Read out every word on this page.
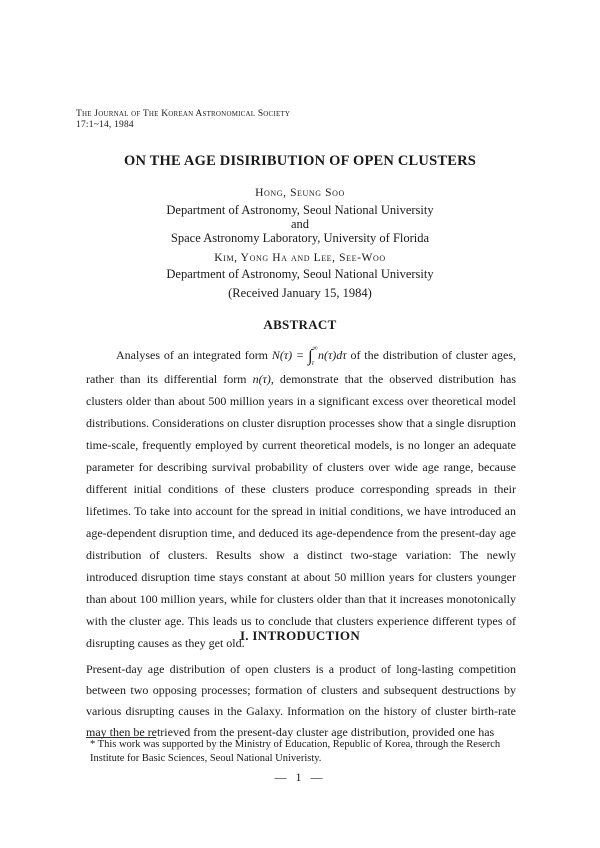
The Journal of The Korean Astronomical Society
17:1~14, 1984
ON THE AGE DISIRIBUTION OF OPEN CLUSTERS
Hong, Seung Soo
Department of Astronomy, Seoul National University
and
Space Astronomy Laboratory, University of Florida
Kim, Yong Ha and Lee, See-Woo
Department of Astronomy, Seoul National University
(Received January 15, 1984)
ABSTRACT

Analyses of an integrated form $N(\tau) = \int^\infty_\tau$ n(τ)dτ of the distribution of cluster ages, rather than its differential form n(τ), demonstrate that the observed distribution has clusters older than about 500 million years in a significant excess over theoretical model distributions. Considerations on cluster disruption processes show that a single disruption time-scale, frequently employed by current theoretical models, is no longer an adequate parameter for describing survival probability of clusters over wide age range, because different initial conditions of these clusters produce corresponding spreads in their lifetimes. To take into account for the spread in initial conditions, we have introduced an age-dependent disruption time, and deduced its age-dependence from the present-day age distribution of clusters. Results show a distinct two-stage variation: The newly introduced disruption time stays constant at about 50 million years for clusters younger than about 100 million years, while for clusters older than that it increases monotonically with the cluster age. This leads us to conclude that clusters experience different types of disrupting causes as they get old.

I. INTRODUCTION

Present-day age distribution of open clusters is a product of long-lasting competition between two opposing processes; formation of clusters and subsequent destructions by various disrupting causes in the Galaxy. Information on the history of cluster birth-rate may then be retrieved from the present-day cluster age distribution, provided one has

* This work was supported by the Ministry of Education, Republic of Korea, through the Reserch Institute for Basic Sciences, Seoul National Univeristy.
— 1 —
